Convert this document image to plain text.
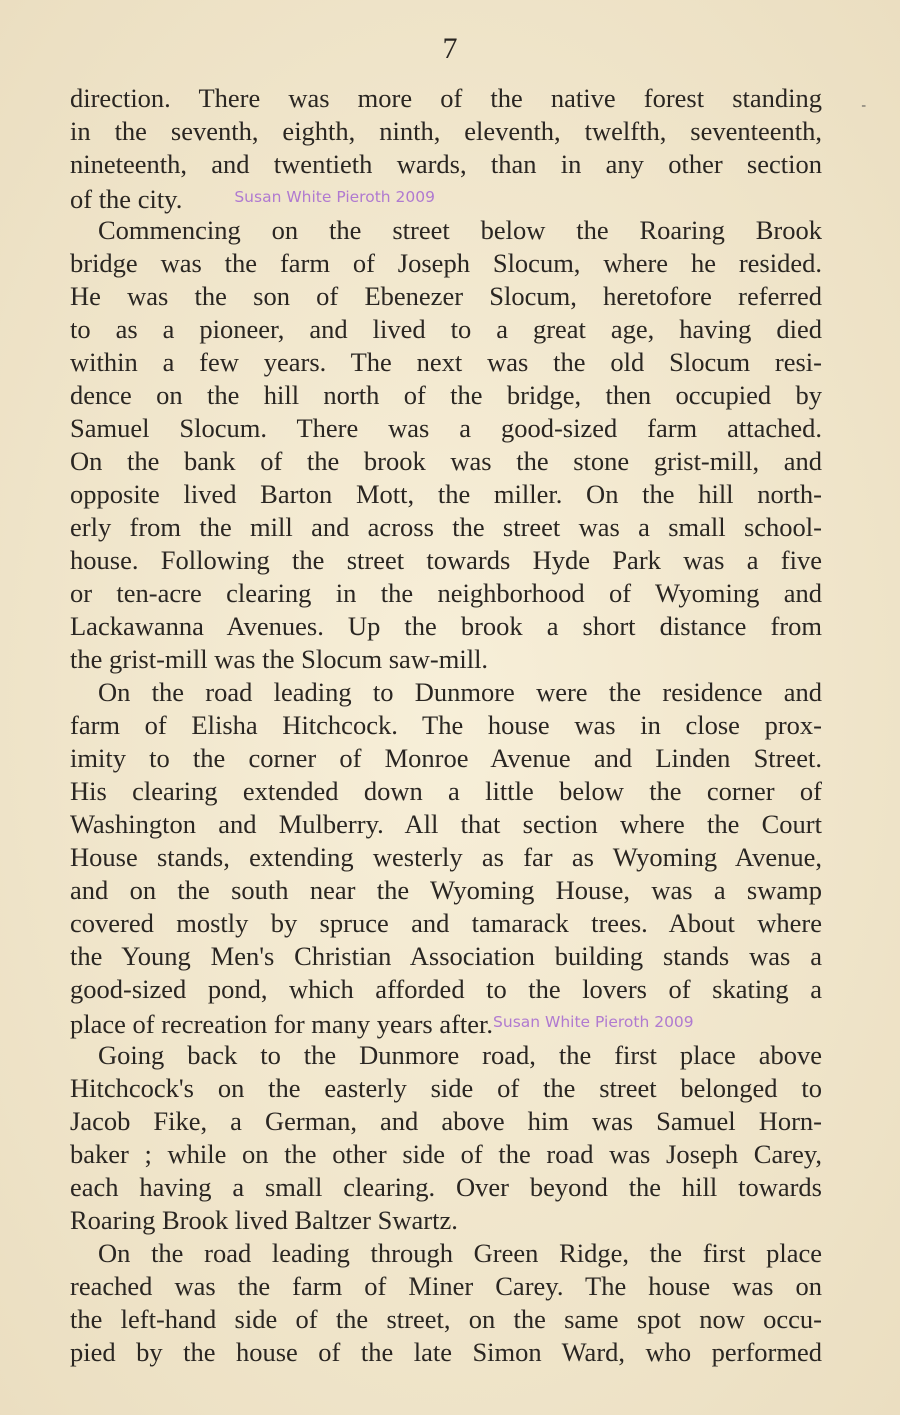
7
-
direction. There was more of the native forest standing
in the seventh, eighth, ninth, eleventh, twelfth, seventeenth,
nineteenth, and twentieth wards, than in any other section
of the city.	$^{Susan White Pieroth 2009}$
Commencing on the street below the Roaring Brook
bridge was the farm of Joseph Slocum, where he resided.
He was the son of Ebenezer Slocum, heretofore referred
to as a pioneer, and lived to a great age, having died
within a few years. The next was the old Slocum resi-
dence on the hill north of the bridge, then occupied by
Samuel Slocum. There was a good-sized farm attached.
On the bank of the brook was the stone grist-mill, and
opposite lived Barton Mott, the miller. On the hill north-
erly from the mill and across the street was a small school-
house. Following the street towards Hyde Park was a five
or ten-acre clearing in the neighborhood of Wyoming and
Lackawanna Avenues. Up the brook a short distance from
the grist-mill was the Slocum saw-mill.
On the road leading to Dunmore were the residence and
farm of Elisha Hitchcock. The house was in close prox-
imity to the corner of Monroe Avenue and Linden Street.
His clearing extended down a little below the corner of
Washington and Mulberry. All that section where the Court
House stands, extending westerly as far as Wyoming Avenue,
and on the south near the Wyoming House, was a swamp
covered mostly by spruce and tamarack trees. About where
the Young Men's Christian Association building stands was a
good-sized pond, which afforded to the lovers of skating a
place of recreation for many years after.$^{Susan White Pieroth 2009}$
Going back to the Dunmore road, the first place above
Hitchcock's on the easterly side of the street belonged to
Jacob Fike, a German, and above him was Samuel Horn-
baker ; while on the other side of the road was Joseph Carey,
each having a small clearing. Over beyond the hill towards
Roaring Brook lived Baltzer Swartz.
On the road leading through Green Ridge, the first place
reached was the farm of Miner Carey. The house was on
the left-hand side of the street, on the same spot now occu-
pied by the house of the late Simon Ward, who performed
